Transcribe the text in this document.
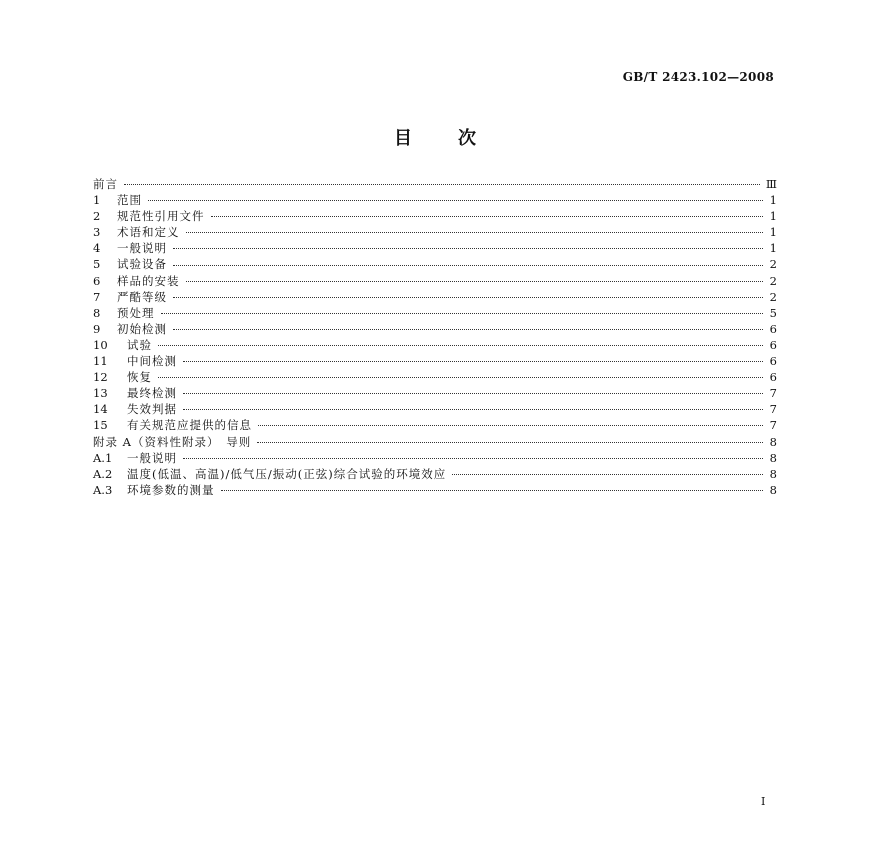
GB/T 2423.102—2008
目	次
前言	Ⅲ
1	范围	1
2	规范性引用文件	1
3	术语和定义	1
4	一般说明	1
5	试验设备	2
6	样品的安装	2
7	严酷等级	2
8	预处理	5
9	初始检测	6
10	试验	6
11	中间检测	6
12	恢复	6
13	最终检测	7
14	失效判据	7
15	有关规范应提供的信息	7
附录 A（资料性附录）　导则	8
A.1	一般说明	8
A.2	温度(低温、高温)/低气压/振动(正弦)综合试验的环境效应	8
A.3	环境参数的测量	8
I
